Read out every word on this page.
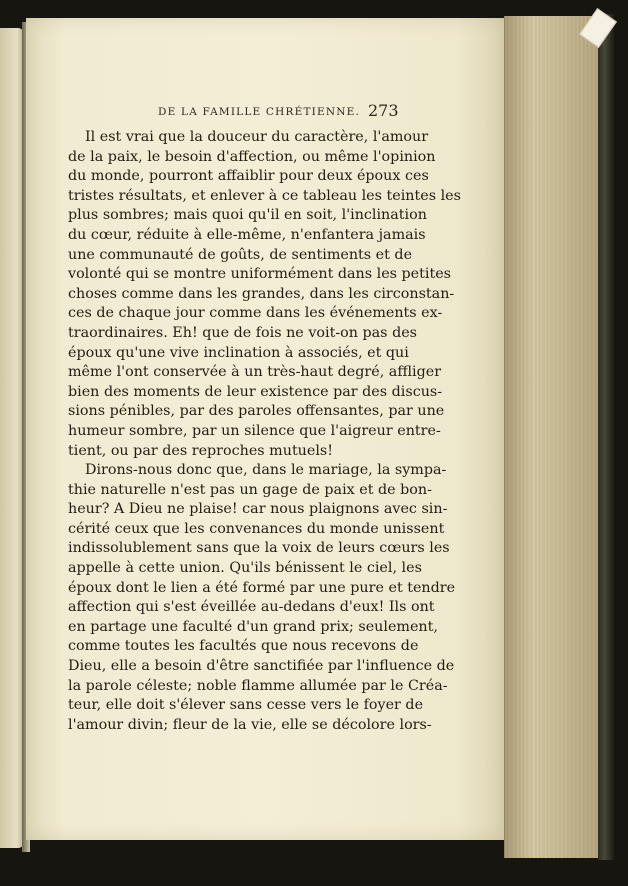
DE LA FAMILLE CHRÉTIENNE. 273
Il est vrai que la douceur du caractère, l'amour
de la paix, le besoin d'affection, ou même l'opinion
du monde, pourront affaiblir pour deux époux ces
tristes résultats, et enlever à ce tableau les teintes les
plus sombres; mais quoi qu'il en soit, l'inclination
du cœur, réduite à elle-même, n'enfantera jamais
une communauté de goûts, de sentiments et de
volonté qui se montre uniformément dans les petites
choses comme dans les grandes, dans les circonstan-
ces de chaque jour comme dans les événements ex-
traordinaires. Eh! que de fois ne voit-on pas des
époux qu'une vive inclination à associés, et qui
même l'ont conservée à un très-haut degré, affliger
bien des moments de leur existence par des discus-
sions pénibles, par des paroles offensantes, par une
humeur sombre, par un silence que l'aigreur entre-
tient, ou par des reproches mutuels!
Dirons-nous donc que, dans le mariage, la sympa-
thie naturelle n'est pas un gage de paix et de bon-
heur? A Dieu ne plaise! car nous plaignons avec sin-
cérité ceux que les convenances du monde unissent
indissolublement sans que la voix de leurs cœurs les
appelle à cette union. Qu'ils bénissent le ciel, les
époux dont le lien a été formé par une pure et tendre
affection qui s'est éveillée au-dedans d'eux! Ils ont
en partage une faculté d'un grand prix; seulement,
comme toutes les facultés que nous recevons de
Dieu, elle a besoin d'être sanctifiée par l'influence de
la parole céleste; noble flamme allumée par le Créa-
teur, elle doit s'élever sans cesse vers le foyer de
l'amour divin; fleur de la vie, elle se décolore lors-
